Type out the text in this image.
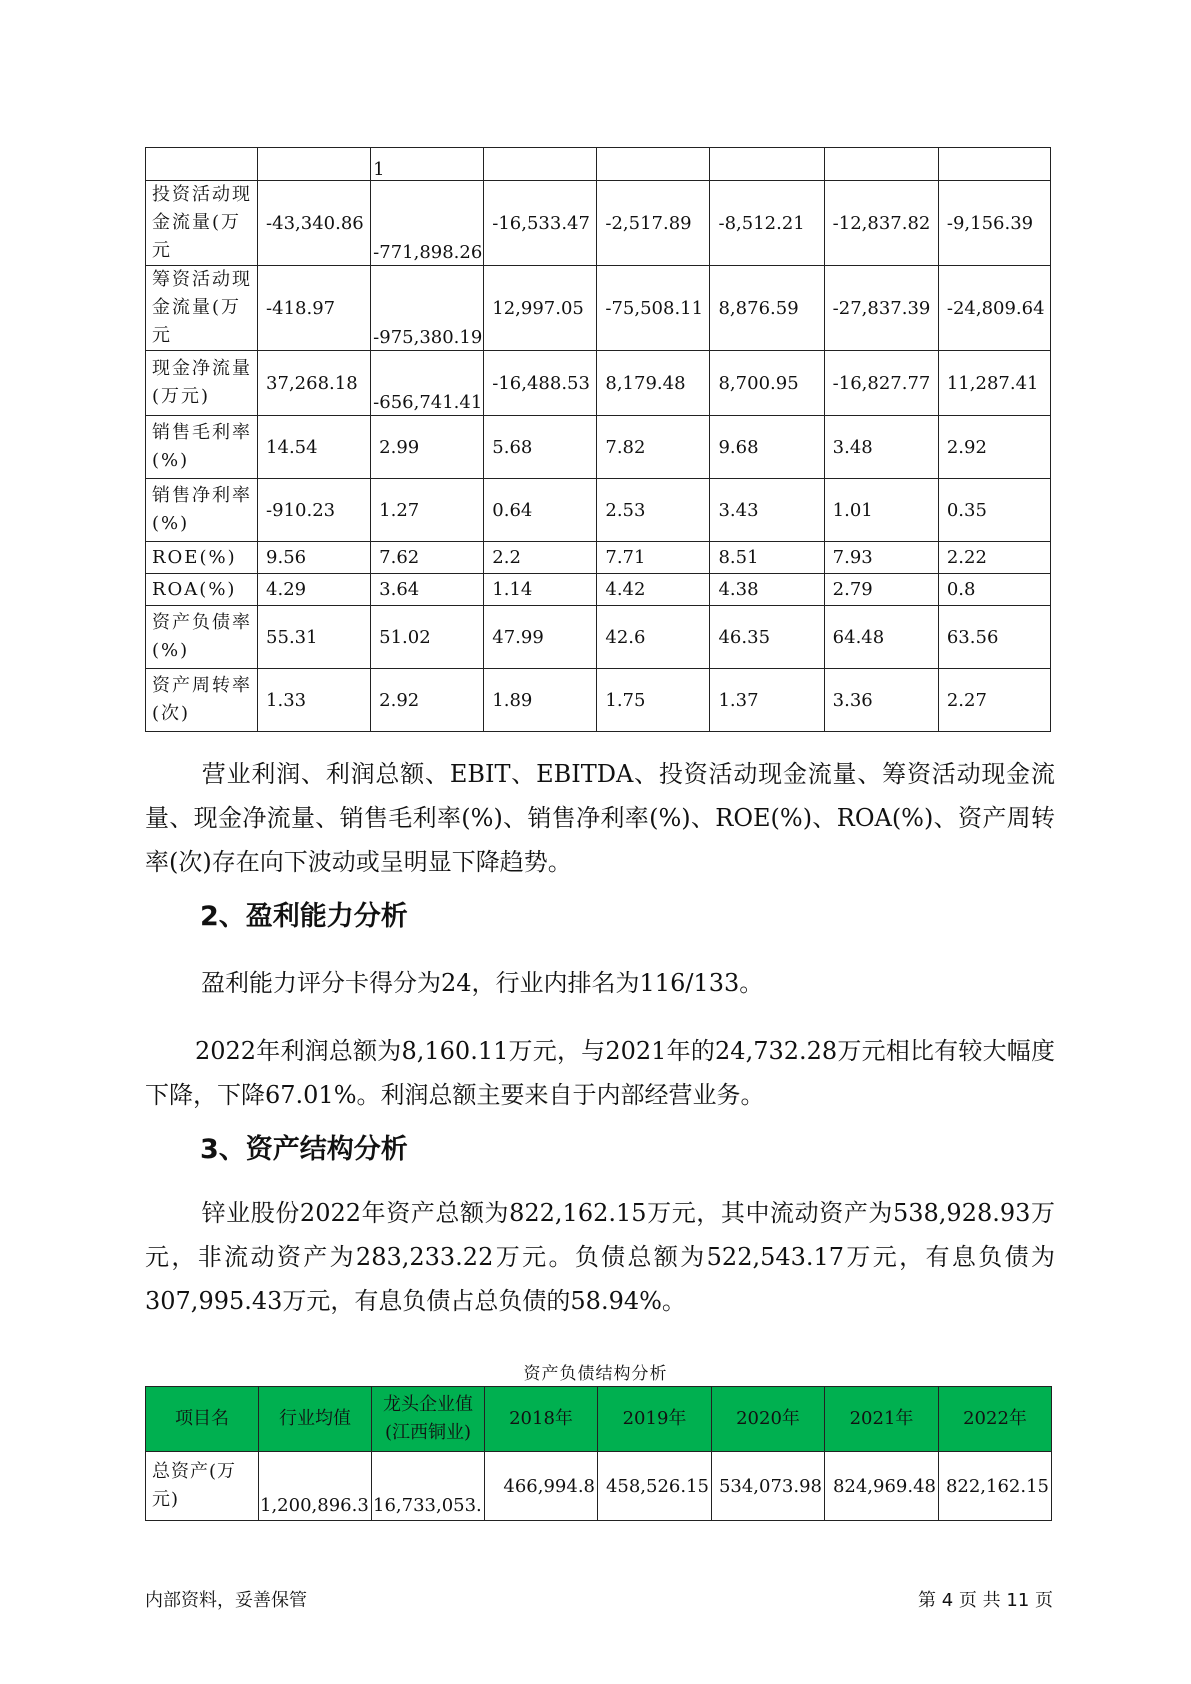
		1					
投资活动现金流量(万元	-43,340.86	-771,898.26	-16,533.47	-2,517.89	-8,512.21	-12,837.82	-9,156.39
筹资活动现金流量(万元	-418.97	-975,380.19	12,997.05	-75,508.11	8,876.59	-27,837.39	-24,809.64
现金净流量(万元)	37,268.18	-656,741.41	-16,488.53	8,179.48	8,700.95	-16,827.77	11,287.41
销售毛利率(%)	14.54	2.99	5.68	7.82	9.68	3.48	2.92
销售净利率(%)	-910.23	1.27	0.64	2.53	3.43	1.01	0.35
ROE(%)	9.56	7.62	2.2	7.71	8.51	7.93	2.22
ROA(%)	4.29	3.64	1.14	4.42	4.38	2.79	0.8
资产负债率(%)	55.31	51.02	47.99	42.6	46.35	64.48	63.56
资产周转率(次)	1.33	2.92	1.89	1.75	1.37	3.36	2.27
营业利润、利润总额、EBIT、EBITDA、投资活动现金流量、筹资活动现金流量、现金净流量、销售毛利率(%)、销售净利率(%)、ROE(%)、ROA(%)、资产周转率(次)存在向下波动或呈明显下降趋势。
2、盈利能力分析
盈利能力评分卡得分为24，行业内排名为116/133。
2022年利润总额为8,160.11万元，与2021年的24,732.28万元相比有较大幅度下降，下降67.01%。利润总额主要来自于内部经营业务。
3、资产结构分析
锌业股份2022年资产总额为822,162.15万元，其中流动资产为538,928.93万元，非流动资产为283,233.22万元。负债总额为522,543.17万元，有息负债为307,995.43万元，有息负债占总负债的58.94%。
资产负债结构分析
项目名	行业均值	龙头企业值(江西铜业)	2018年	2019年	2020年	2021年	2022年
总资产(万元)	1,200,896.3	16,733,053.	466,994.8	458,526.15	534,073.98	824,969.48	822,162.15
内部资料，妥善保管	第 4 页 共 11 页
